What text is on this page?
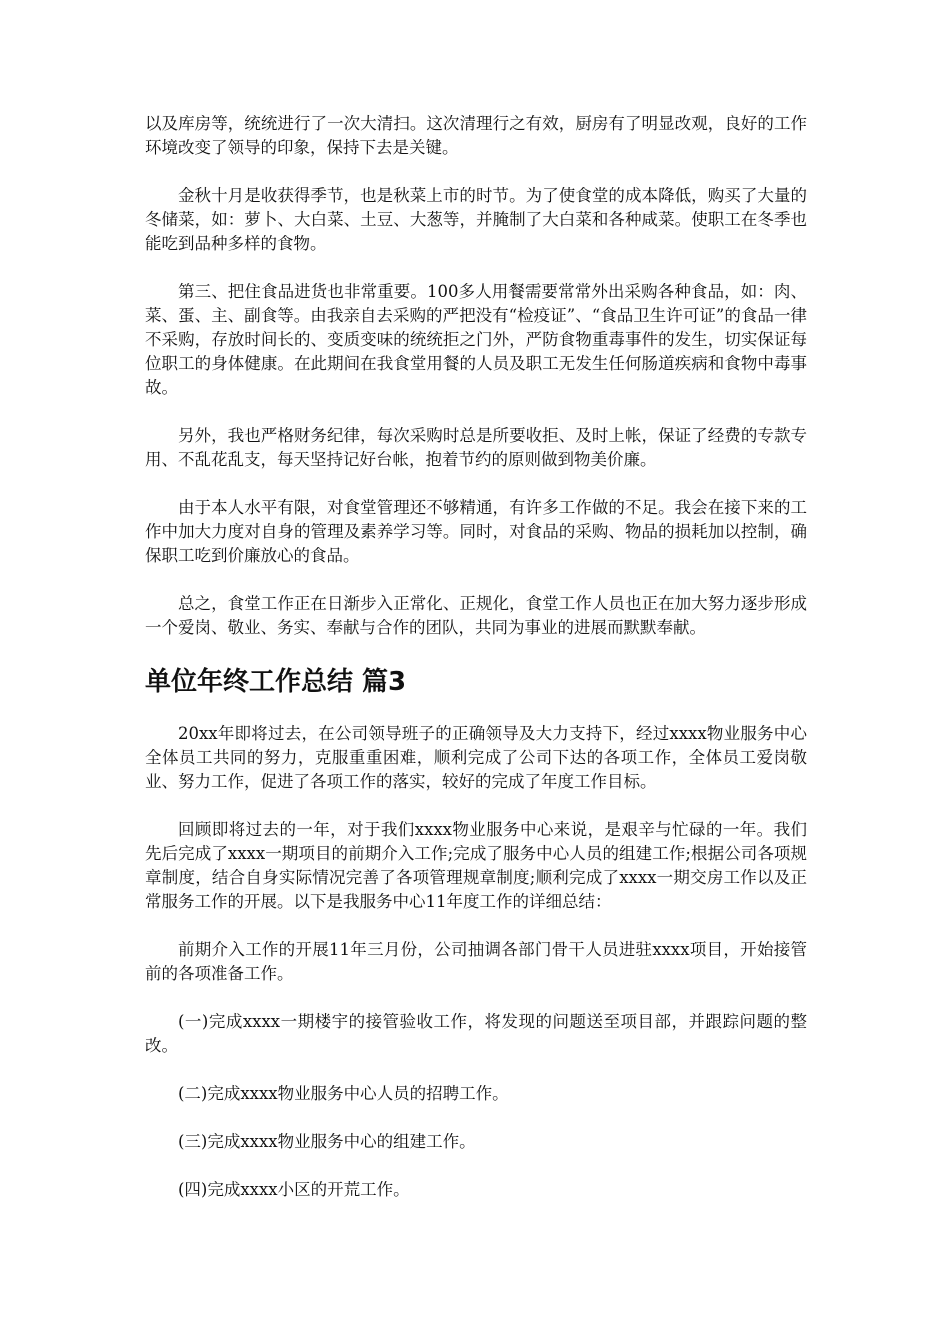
以及库房等，统统进行了一次大清扫。这次清理行之有效，厨房有了明显改观，良好的工作环境改变了领导的印象，保持下去是关键。

金秋十月是收获得季节，也是秋菜上市的时节。为了使食堂的成本降低，购买了大量的冬储菜，如：萝卜、大白菜、土豆、大葱等，并腌制了大白菜和各种咸菜。使职工在冬季也能吃到品种多样的食物。

第三、把住食品进货也非常重要。100多人用餐需要常常外出采购各种食品，如：肉、菜、蛋、主、副食等。由我亲自去采购的严把没有“检疫证”、“食品卫生许可证”的食品一律不采购，存放时间长的、变质变味的统统拒之门外，严防食物重毒事件的发生，切实保证每位职工的身体健康。在此期间在我食堂用餐的人员及职工无发生任何肠道疾病和食物中毒事故。

另外，我也严格财务纪律，每次采购时总是所要收拒、及时上帐，保证了经费的专款专用、不乱花乱支，每天坚持记好台帐，抱着节约的原则做到物美价廉。

由于本人水平有限，对食堂管理还不够精通，有许多工作做的不足。我会在接下来的工作中加大力度对自身的管理及素养学习等。同时，对食品的采购、物品的损耗加以控制，确保职工吃到价廉放心的食品。

总之，食堂工作正在日渐步入正常化、正规化，食堂工作人员也正在加大努力逐步形成一个爱岗、敬业、务实、奉献与合作的团队，共同为事业的进展而默默奉献。

单位年终工作总结 篇3

20xx年即将过去，在公司领导班子的正确领导及大力支持下，经过xxxx物业服务中心全体员工共同的努力，克服重重困难，顺利完成了公司下达的各项工作，全体员工爱岗敬业、努力工作，促进了各项工作的落实，较好的完成了年度工作目标。

回顾即将过去的一年，对于我们xxxx物业服务中心来说，是艰辛与忙碌的一年。我们先后完成了xxxx一期项目的前期介入工作;完成了服务中心人员的组建工作;根据公司各项规章制度，结合自身实际情况完善了各项管理规章制度;顺利完成了xxxx一期交房工作以及正常服务工作的开展。以下是我服务中心11年度工作的详细总结：

前期介入工作的开展11年三月份，公司抽调各部门骨干人员进驻xxxx项目，开始接管前的各项准备工作。

(一)完成xxxx一期楼宇的接管验收工作，将发现的问题送至项目部，并跟踪问题的整改。

(二)完成xxxx物业服务中心人员的招聘工作。

(三)完成xxxx物业服务中心的组建工作。

(四)完成xxxx小区的开荒工作。
